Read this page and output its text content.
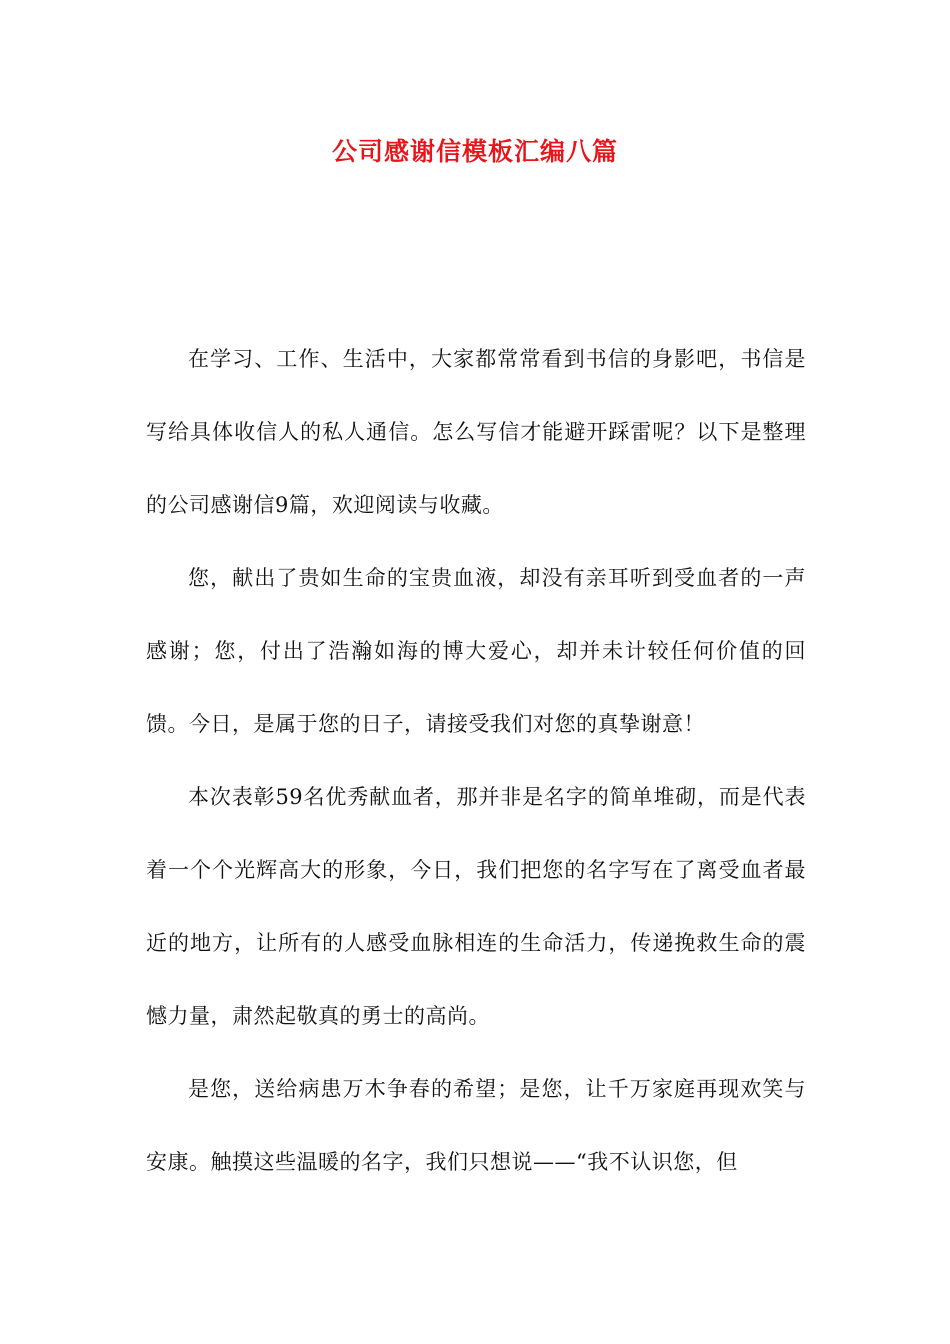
公司感谢信模板汇编八篇

在学习、工作、生活中，大家都常常看到书信的身影吧，书信是写给具体收信人的私人通信。怎么写信才能避开踩雷呢？以下是整理的公司感谢信9篇，欢迎阅读与收藏。

您，献出了贵如生命的宝贵血液，却没有亲耳听到受血者的一声感谢；您，付出了浩瀚如海的博大爱心，却并未计较任何价值的回馈。今日，是属于您的日子，请接受我们对您的真挚谢意！

本次表彰59名优秀献血者，那并非是名字的简单堆砌，而是代表着一个个光辉高大的形象，今日，我们把您的名字写在了离受血者最近的地方，让所有的人感受血脉相连的生命活力，传递挽救生命的震憾力量，肃然起敬真的勇士的高尚。

是您，送给病患万木争春的希望；是您，让千万家庭再现欢笑与安康。触摸这些温暖的名字，我们只想说——“我不认识您，但
